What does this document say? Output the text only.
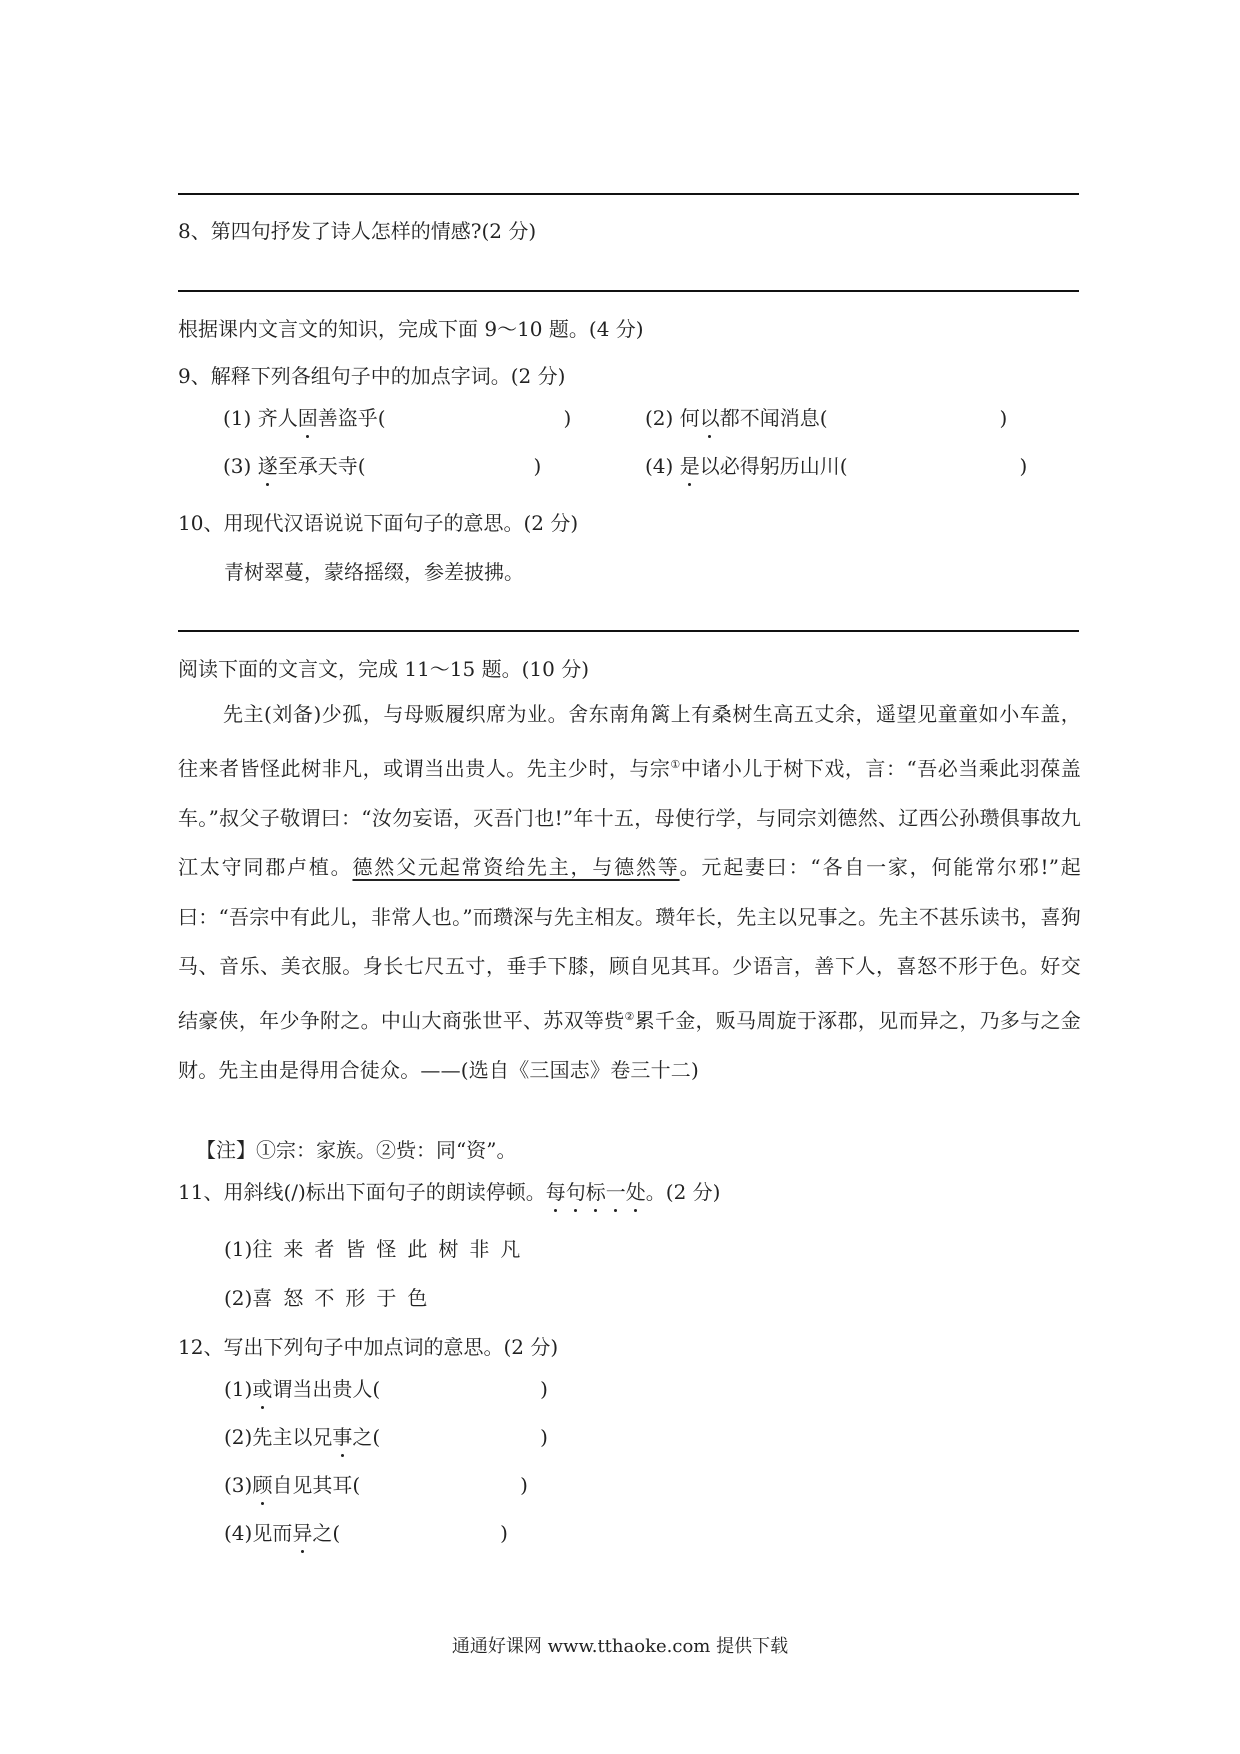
8、第四句抒发了诗人怎样的情感?(2 分)
根据课内文言文的知识，完成下面 9～10 题。(4 分)
9、解释下列各组句子中的加点字词。(2 分)
(1) 齐人固善盗乎(	)	(2) 何以都不闻消息(	)
(3) 遂至承天寺(	)	(4) 是以必得躬历山川(	)
10、用现代汉语说说下面句子的意思。(2 分)
青树翠蔓，蒙络摇缀，参差披拂。
阅读下面的文言文，完成 11～15 题。(10 分)
先主(刘备)少孤，与母贩履织席为业。舍东南角篱上有桑树生高五丈余，遥望见童童如小车盖，往来者皆怪此树非凡，或谓当出贵人。先主少时，与宗①中诸小儿于树下戏，言：“吾必当乘此羽葆盖车。”叔父子敬谓曰：“汝勿妄语，灭吾门也!”年十五，母使行学，与同宗刘德然、辽西公孙瓒俱事故九江太守同郡卢植。德然父元起常资给先主，与德然等。元起妻曰：“各自一家，何能常尔邪!”起曰：“吾宗中有此儿，非常人也。”而瓒深与先主相友。瓒年长，先主以兄事之。先主不甚乐读书，喜狗马、音乐、美衣服。身长七尺五寸，垂手下膝，顾自见其耳。少语言，善下人，喜怒不形于色。好交结豪侠，年少争附之。中山大商张世平、苏双等赀②累千金，贩马周旋于涿郡，见而异之，乃多与之金财。先主由是得用合徒众。——(选自《三国志》卷三十二)
【注】①宗：家族。②赀：同“资”。
11、用斜线(/)标出下面句子的朗读停顿。每句标一处。(2 分)
(1)往来者皆怪此树非凡
(2)喜怒不形于色
12、写出下列句子中加点词的意思。(2 分)
(1)或谓当出贵人(	)
(2)先主以兄事之(	)
(3)顾自见其耳(	)
(4)见而异之(	)
通通好课网 www.tthaoke.com 提供下载
